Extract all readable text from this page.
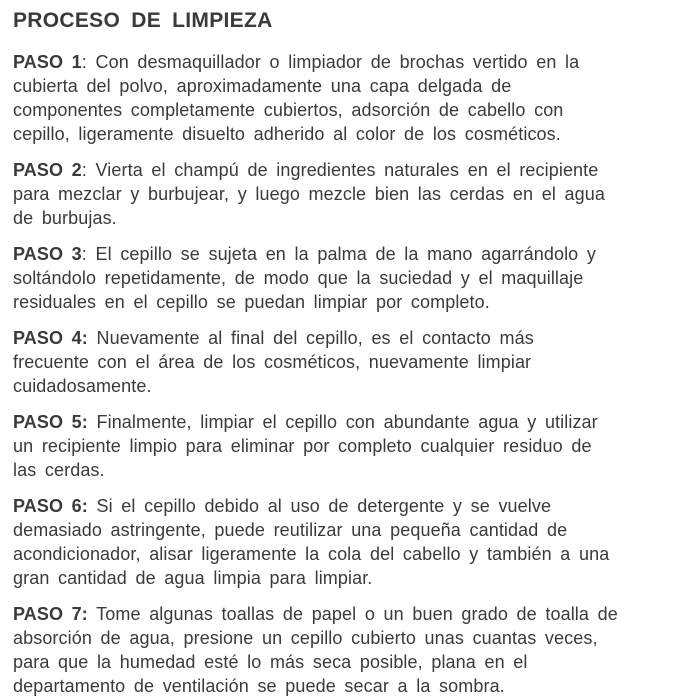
PROCESO DE LIMPIEZA

PASO 1: Con desmaquillador o limpiador de brochas vertido en la
cubierta del polvo, aproximadamente una capa delgada de
componentes completamente cubiertos, adsorción de cabello con
cepillo, ligeramente disuelto adherido al color de los cosméticos.

PASO 2: Vierta el champú de ingredientes naturales en el recipiente
para mezclar y burbujear, y luego mezcle bien las cerdas en el agua
de burbujas.

PASO 3: El cepillo se sujeta en la palma de la mano agarrándolo y
soltándolo repetidamente, de modo que la suciedad y el maquillaje
residuales en el cepillo se puedan limpiar por completo.

PASO 4: Nuevamente al final del cepillo, es el contacto más
frecuente con el área de los cosméticos, nuevamente limpiar
cuidadosamente.

PASO 5: Finalmente, limpiar el cepillo con abundante agua y utilizar
un recipiente limpio para eliminar por completo cualquier residuo de
las cerdas.

PASO 6: Si el cepillo debido al uso de detergente y se vuelve
demasiado astringente, puede reutilizar una pequeña cantidad de
acondicionador, alisar ligeramente la cola del cabello y también a una
gran cantidad de agua limpia para limpiar.

PASO 7: Tome algunas toallas de papel o un buen grado de toalla de
absorción de agua, presione un cepillo cubierto unas cuantas veces,
para que la humedad esté lo más seca posible, plana en el
departamento de ventilación se puede secar a la sombra.
